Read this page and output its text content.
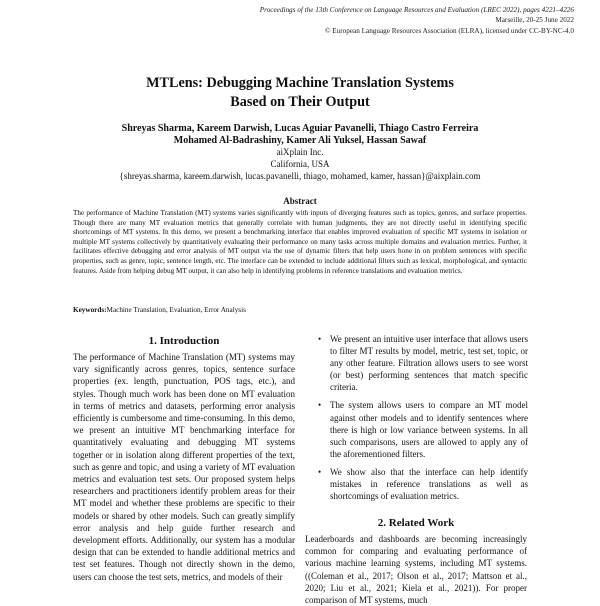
Proceedings of the 13th Conference on Language Resources and Evaluation (LREC 2022), pages 4221–4226
Marseille, 20-25 June 2022
© European Language Resources Association (ELRA), licensed under CC-BY-NC-4.0
MTLens: Debugging Machine Translation Systems
Based on Their Output
Shreyas Sharma, Kareem Darwish, Lucas Aguiar Pavanelli, Thiago Castro Ferreira
Mohamed Al-Badrashiny, Kamer Ali Yuksel, Hassan Sawaf
aiXplain Inc.
California, USA
{shreyas.sharma, kareem.darwish, lucas.pavanelli, thiago, mohamed, kamer, hassan}@aixplain.com
Abstract
The performance of Machine Translation (MT) systems varies significantly with inputs of diverging features such as topics, genres, and surface properties. Though there are many MT evaluation metrics that generally correlate with human judgments, they are not directly useful in identifying specific shortcomings of MT systems. In this demo, we present a benchmarking interface that enables improved evaluation of specific MT systems in isolation or multiple MT systems collectively by quantitatively evaluating their performance on many tasks across multiple domains and evaluation metrics. Further, it facilitates effective debugging and error analysis of MT output via the use of dynamic filters that help users hone in on problem sentences with specific properties, such as genre, topic, sentence length, etc. The interface can be extended to include additional filters such as lexical, morphological, and syntactic features. Aside from helping debug MT output, it can also help in identifying problems in reference translations and evaluation metrics.
Keywords:Machine Translation, Evaluation, Error Analysis
1. Introduction
The performance of Machine Translation (MT) systems may vary significantly across genres, topics, sentence surface properties (ex. length, punctuation, POS tags, etc.), and styles. Though much work has been done on MT evaluation in terms of metrics and datasets, performing error analysis efficiently is cumbersome and time-consuming. In this demo, we present an intuitive MT benchmarking interface for quantitatively evaluating and debugging MT systems together or in isolation along different properties of the text, such as genre and topic, and using a variety of MT evaluation metrics and evaluation test sets. Our proposed system helps researchers and practitioners identify problem areas for their MT model and whether these problems are specific to their models or shared by other models. Such can greatly simplify error analysis and help guide further research and development efforts. Additionally, our system has a modular design that can be extended to handle additional metrics and test set features. Though not directly shown in the demo, users can choose the test sets, metrics, and models of their
• We present an intuitive user interface that allows users to filter MT results by model, metric, test set, topic, or any other feature. Filtration allows users to see worst (or best) performing sentences that match specific criteria.
• The system allows users to compare an MT model against other models and to identify sentences where there is high or low variance between systems. In all such comparisons, users are allowed to apply any of the aforementioned filters.
• We show also that the interface can help identify mistakes in reference translations as well as shortcomings of evaluation metrics.
2. Related Work
Leaderboards and dashboards are becoming increasingly common for comparing and evaluating performance of various machine learning systems, including MT systems. ((Coleman et al., 2017; Olson et al., 2017; Mattson et al., 2020; Liu et al., 2021; Kiela et al., 2021)). For proper comparison of MT systems, much
